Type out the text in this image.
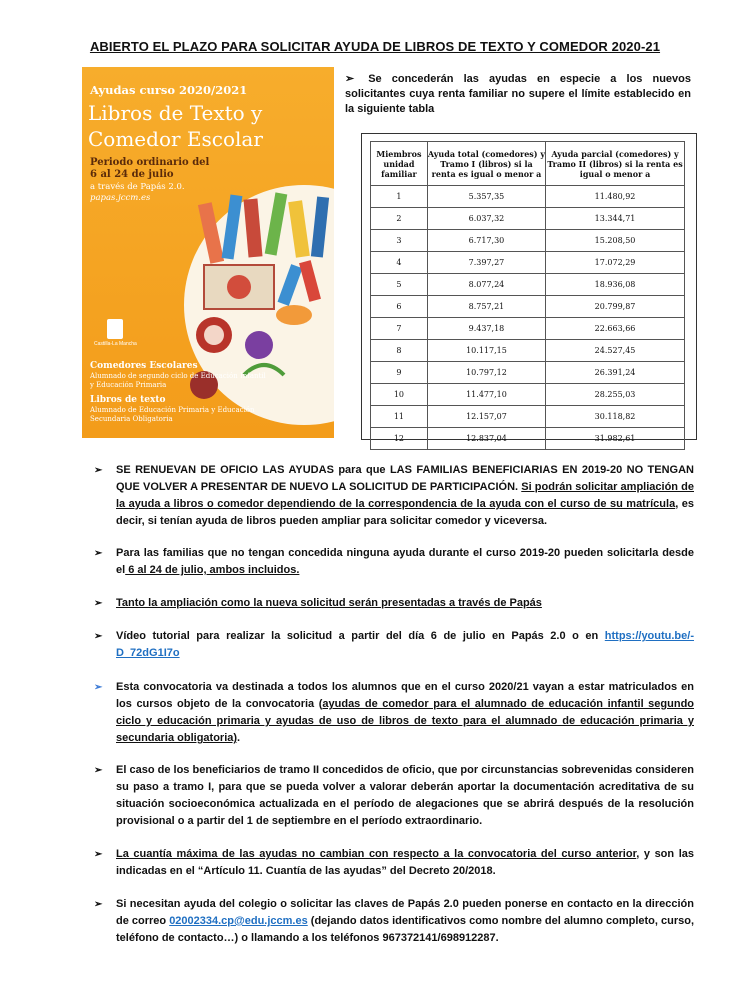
ABIERTO EL PLAZO PARA SOLICITAR AYUDA DE LIBROS DE TEXTO Y COMEDOR 2020-21
Ayudas curso 2020/2021
Libros de Texto y
Comedor Escolar
Periodo ordinario del 6 al 24 de julio
a través de Papás 2.0.
papas.jccm.es
Castilla-La Mancha
Comedores Escolares
Alumnado de segundo ciclo de Educación Infantil y Educación Primaria
Libros de texto
Alumnado de Educación Primaria y Educación Secundaria Obligatoria
➢ Se concederán las ayudas en especie a los nuevos solicitantes cuya renta familiar no supere el límite establecido en la siguiente tabla
Miembros unidad familiar	Ayuda total (comedores) y Tramo I (libros) si la renta es igual o menor a	Ayuda parcial (comedores) y Tramo II (libros) si la renta es igual o menor a
1	5.357,35	11.480,92
2	6.037,32	13.344,71
3	6.717,30	15.208,50
4	7.397,27	17.072,29
5	8.077,24	18.936,08
6	8.757,21	20.799,87
7	9.437,18	22.663,66
8	10.117,15	24.527,45
9	10.797,12	26.391,24
10	11.477,10	28.255,03
11	12.157,07	30.118,82
12	12.837,04	31.982,61
➢ SE RENUEVAN DE OFICIO LAS AYUDAS para que LAS FAMILIAS BENEFICIARIAS EN 2019-20 NO TENGAN QUE VOLVER A PRESENTAR DE NUEVO LA SOLICITUD DE PARTICIPACIÓN. Si podrán solicitar ampliación de la ayuda a libros o comedor dependiendo de la correspondencia de la ayuda con el curso de su matrícula, es decir, si tenían ayuda de libros pueden ampliar para solicitar comedor y viceversa.
➢ Para las familias que no tengan concedida ninguna ayuda durante el curso 2019-20 pueden solicitarla desde el 6 al 24 de julio, ambos incluidos.
➢ Tanto la ampliación como la nueva solicitud serán presentadas a través de Papás
➢ Vídeo tutorial para realizar la solicitud a partir del día 6 de julio en Papás 2.0 o en https://youtu.be/-D_72dG1I7o
➢ Esta convocatoria va destinada a todos los alumnos que en el curso 2020/21 vayan a estar matriculados en los cursos objeto de la convocatoria (ayudas de comedor para el alumnado de educación infantil segundo ciclo y educación primaria y ayudas de uso de libros de texto para el alumnado de educación primaria y secundaria obligatoria).
➢ El caso de los beneficiarios de tramo II concedidos de oficio, que por circunstancias sobrevenidas consideren su paso a tramo I, para que se pueda volver a valorar deberán aportar la documentación acreditativa de su situación socioeconómica actualizada en el período de alegaciones que se abrirá después de la resolución provisional o a partir del 1 de septiembre en el período extraordinario.
➢ La cuantía máxima de las ayudas no cambian con respecto a la convocatoria del curso anterior, y son las indicadas en el “Artículo 11. Cuantía de las ayudas” del Decreto 20/2018.
➢ Si necesitan ayuda del colegio o solicitar las claves de Papás 2.0 pueden ponerse en contacto en la dirección de correo 02002334.cp@edu.jccm.es (dejando datos identificativos como nombre del alumno completo, curso, teléfono de contacto…) o llamando a los teléfonos 967372141/698912287.
